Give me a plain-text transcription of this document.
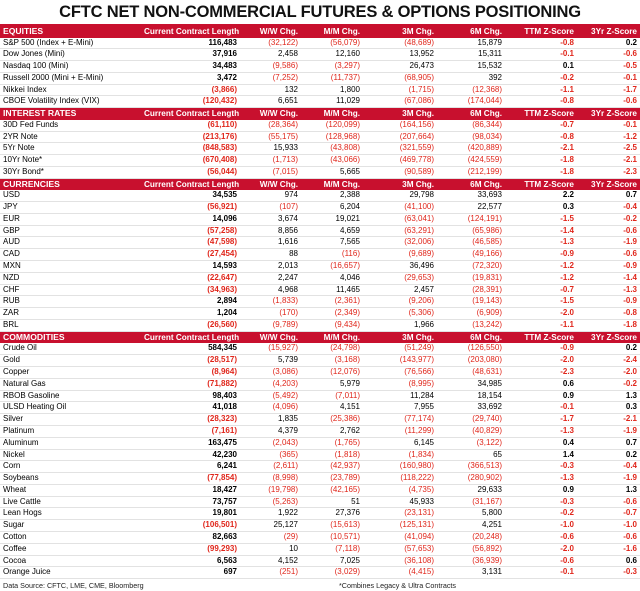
CFTC NET NON-COMMERCIAL FUTURES & OPTIONS POSITIONING
EQUITIES	Current Contract Length	W/W Chg.	M/M Chg.	3M Chg.	6M Chg.	TTM Z-Score	3Yr Z-Score
S&P 500 (Index + E-Mini)	116,483	(32,122)	(56,079)	(48,689)	15,879	-0.8	0.2
Dow Jones (Mini)	37,916	2,458	12,160	13,952	15,311	-0.1	-0.6
Nasdaq 100 (Mini)	34,483	(9,586)	(3,297)	26,473	15,532	0.1	-0.5
Russell 2000 (Mini + E-Mini)	3,472	(7,252)	(11,737)	(68,905)	392	-0.2	-0.1
Nikkei Index	(3,866)	132	1,800	(1,715)	(12,368)	-1.1	-1.7
CBOE Volatility Index (VIX)	(120,432)	6,651	11,029	(67,086)	(174,044)	-0.8	-0.6
INTEREST RATES	Current Contract Length	W/W Chg.	M/M Chg.	3M Chg.	6M Chg.	TTM Z-Score	3Yr Z-Score
30D Fed Funds	(61,110)	(28,364)	(120,099)	(164,156)	(86,344)	-0.7	-0.1
2YR Note	(213,176)	(55,175)	(128,968)	(207,664)	(98,034)	-0.8	-1.2
5Yr Note	(848,583)	15,933	(43,808)	(321,559)	(420,889)	-2.1	-2.5
10Yr Note*	(670,408)	(1,713)	(43,066)	(469,778)	(424,559)	-1.8	-2.1
30Yr Bond*	(56,044)	(7,015)	5,665	(90,589)	(212,199)	-1.8	-2.3
CURRENCIES	Current Contract Length	W/W Chg.	M/M Chg.	3M Chg.	6M Chg.	TTM Z-Score	3Yr Z-Score
USD	34,535	974	2,388	29,798	33,693	2.2	0.7
JPY	(56,921)	(107)	6,204	(41,100)	22,577	0.3	-0.4
EUR	14,096	3,674	19,021	(63,041)	(124,191)	-1.5	-0.2
GBP	(57,258)	8,856	4,659	(63,291)	(65,986)	-1.4	-0.6
AUD	(47,598)	1,616	7,565	(32,006)	(46,585)	-1.3	-1.9
CAD	(27,454)	88	(116)	(9,689)	(49,166)	-0.9	-0.6
MXN	14,593	2,013	(16,657)	36,496	(72,320)	-1.2	-0.9
NZD	(22,647)	2,247	4,046	(29,653)	(19,831)	-1.2	-1.4
CHF	(34,963)	4,968	11,465	2,457	(28,391)	-0.7	-1.3
RUB	2,894	(1,833)	(2,361)	(9,206)	(19,143)	-1.5	-0.9
ZAR	1,204	(170)	(2,349)	(5,306)	(6,909)	-2.0	-0.8
BRL	(26,560)	(9,789)	(9,434)	1,966	(13,242)	-1.1	-1.8
COMMODITIES	Current Contract Length	W/W Chg.	M/M Chg.	3M Chg.	6M Chg.	TTM Z-Score	3Yr Z-Score
Crude Oil	584,345	(15,927)	(24,798)	(51,249)	(126,550)	-0.9	0.2
Gold	(28,517)	5,739	(3,168)	(143,977)	(203,080)	-2.0	-2.4
Copper	(8,964)	(3,086)	(12,076)	(76,566)	(48,631)	-2.3	-2.0
Natural Gas	(71,882)	(4,203)	5,979	(8,995)	34,985	0.6	-0.2
RBOB Gasoline	98,403	(5,492)	(7,011)	11,284	18,154	0.9	1.3
ULSD Heating Oil	41,018	(4,096)	4,151	7,955	33,692	-0.1	0.3
Silver	(28,323)	1,835	(25,386)	(77,174)	(29,740)	-1.7	-2.1
Platinum	(7,161)	4,379	2,762	(11,299)	(40,829)	-1.3	-1.9
Aluminum	163,475	(2,043)	(1,765)	6,145	(3,122)	0.4	0.7
Nickel	42,230	(365)	(1,818)	(1,834)	65	1.4	0.2
Corn	6,241	(2,611)	(42,937)	(160,980)	(366,513)	-0.3	-0.4
Soybeans	(77,854)	(8,998)	(23,789)	(118,222)	(280,902)	-1.3	-1.9
Wheat	18,427	(19,798)	(42,165)	(4,735)	29,633	0.9	1.3
Live Cattle	73,757	(5,263)	51	45,933	(31,167)	-0.3	-0.6
Lean Hogs	19,801	1,922	27,376	(23,131)	5,800	-0.2	-0.7
Sugar	(106,501)	25,127	(15,613)	(125,131)	4,251	-1.0	-1.0
Cotton	82,663	(29)	(10,571)	(41,094)	(20,248)	-0.6	-0.6
Coffee	(99,293)	10	(7,118)	(57,653)	(56,892)	-2.0	-1.6
Cocoa	6,563	4,152	7,025	(36,108)	(36,939)	-0.6	0.6
Orange Juice	697	(251)	(3,029)	(4,415)	3,131	-0.1	-0.3
Data Source: CFTC, LME, CME, Bloomberg	*Combines Legacy & Ultra Contracts
